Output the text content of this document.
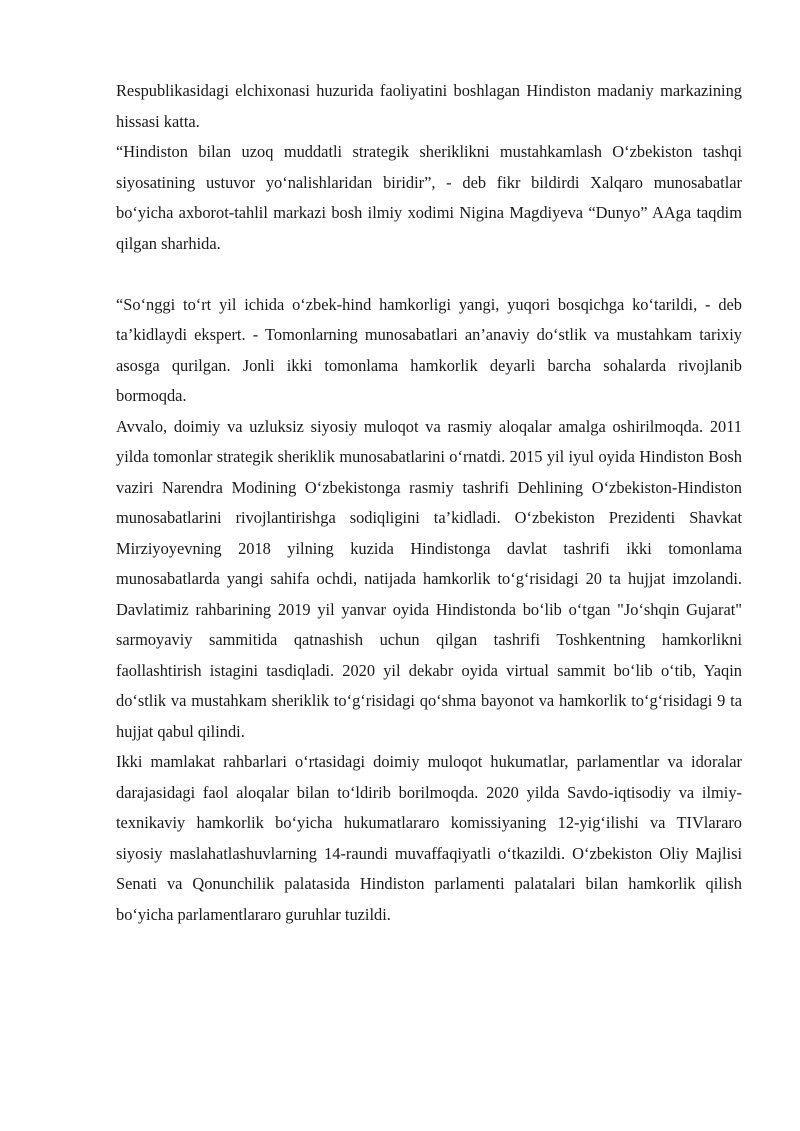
Respublikasidagi elchixonasi huzurida faoliyatini boshlagan Hindiston madaniy markazining hissasi katta.

“Hindiston bilan uzoq muddatli strategik sheriklikni mustahkamlash O‘zbekiston tashqi siyosatining ustuvor yo‘nalishlaridan biridir”, - deb fikr bildirdi Xalqaro munosabatlar bo‘yicha axborot-tahlil markazi bosh ilmiy xodimi Nigina Magdiyeva “Dunyo” AAga taqdim qilgan sharhida.

“So‘nggi to‘rt yil ichida o‘zbek-hind hamkorligi yangi, yuqori bosqichga ko‘tarildi, - deb ta’kidlaydi ekspert. - Tomonlarning munosabatlari an’anaviy do‘stlik va mustahkam tarixiy asosga qurilgan. Jonli ikki tomonlama hamkorlik deyarli barcha sohalarda rivojlanib bormoqda.

Avvalo, doimiy va uzluksiz siyosiy muloqot va rasmiy aloqalar amalga oshirilmoqda. 2011 yilda tomonlar strategik sheriklik munosabatlarini o‘rnatdi. 2015 yil iyul oyida Hindiston Bosh vaziri Narendra Modining O‘zbekistonga rasmiy tashrifi Dehlining O‘zbekiston-Hindiston munosabatlarini rivojlantirishga sodiqligini ta’kidladi. O‘zbekiston Prezidenti Shavkat Mirziyoyevning 2018 yilning kuzida Hindistonga davlat tashrifi ikki tomonlama munosabatlarda yangi sahifa ochdi, natijada hamkorlik to‘g‘risidagi 20 ta hujjat imzolandi. Davlatimiz rahbarining 2019 yil yanvar oyida Hindistonda bo‘lib o‘tgan "Jo‘shqin Gujarat" sarmoyaviy sammitida qatnashish uchun qilgan tashrifi Toshkentning hamkorlikni faollashtirish istagini tasdiqladi. 2020 yil dekabr oyida virtual sammit bo‘lib o‘tib, Yaqin do‘stlik va mustahkam sheriklik to‘g‘risidagi qo‘shma bayonot va hamkorlik to‘g‘risidagi 9 ta hujjat qabul qilindi.

Ikki mamlakat rahbarlari o‘rtasidagi doimiy muloqot hukumatlar, parlamentlar va idoralar darajasidagi faol aloqalar bilan to‘ldirib borilmoqda. 2020 yilda Savdo-iqtisodiy va ilmiy-texnikaviy hamkorlik bo‘yicha hukumatlararo komissiyaning 12-yig‘ilishi va TIVlararo siyosiy maslahatlashuvlarning 14-raundi muvaffaqiyatli o‘tkazildi. O‘zbekiston Oliy Majlisi Senati va Qonunchilik palatasida Hindiston parlamenti palatalari bilan hamkorlik qilish bo‘yicha parlamentlararo guruhlar tuzildi.
